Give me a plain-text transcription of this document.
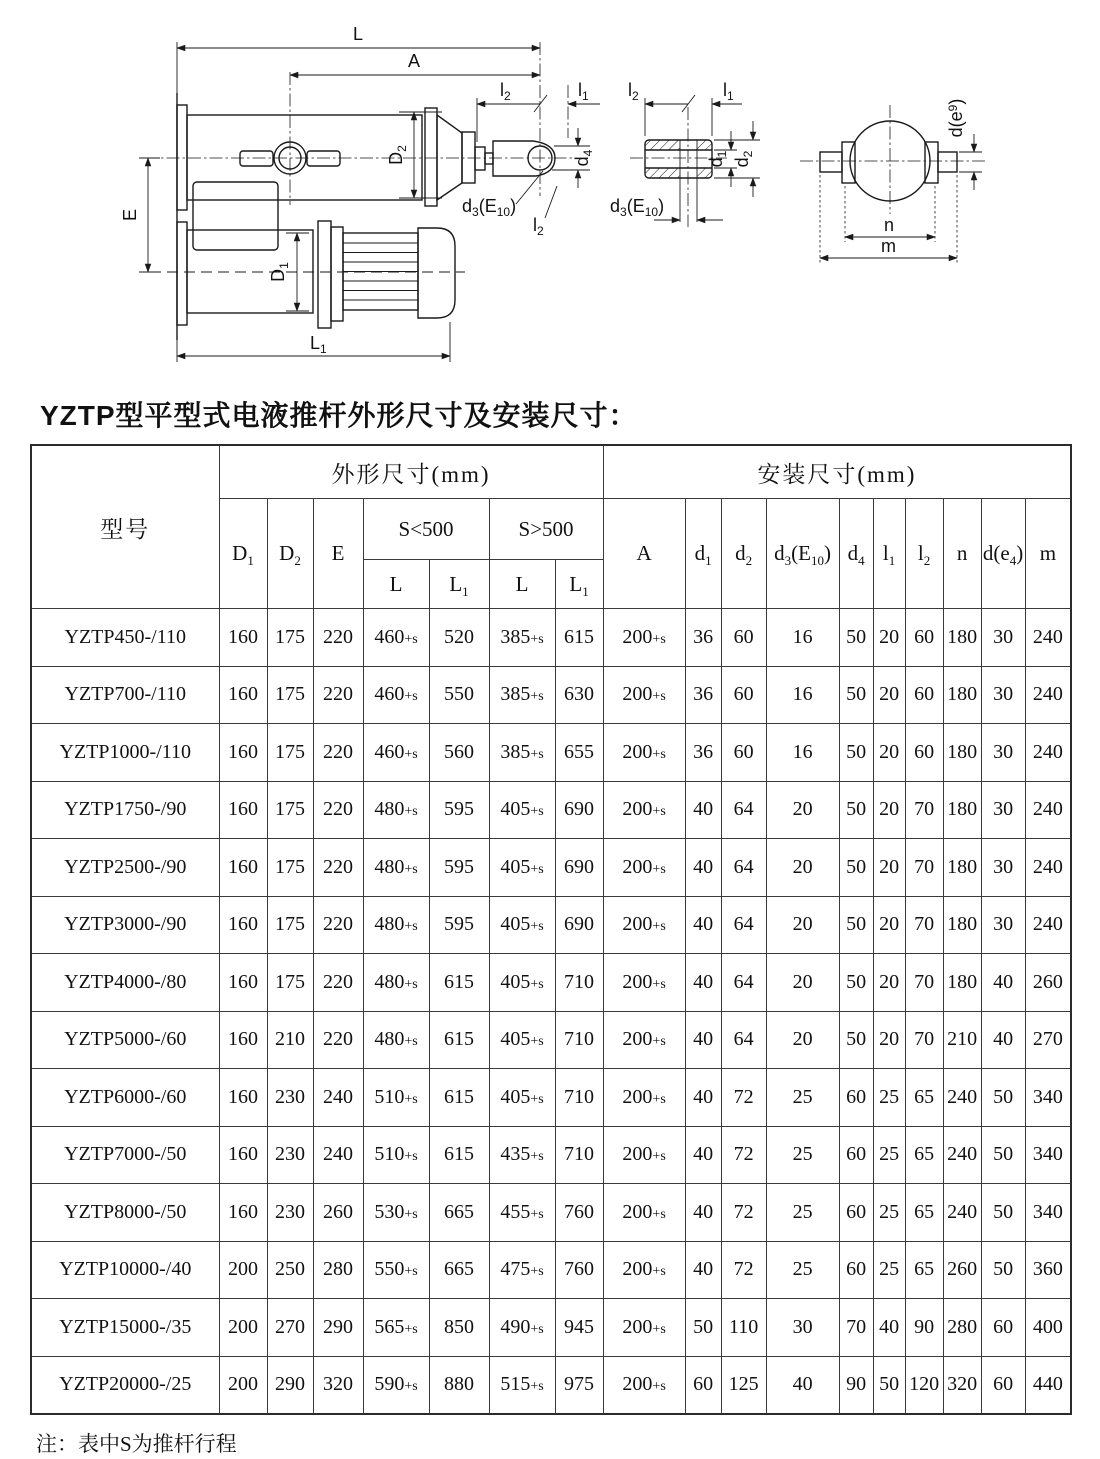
L
A
$l_2$	$l_1$
$d_4$
$d_3(E_{10})$
$l_2$
E
$D_2$
$D_1$
$L_1$
$l_2$	$l_1$
$d_1$
$d_2$
$d_3(E_{10})$
$d(e^9)$
n
m
YZTP型平型式电液推杆外形尺寸及安装尺寸：
型号	外形尺寸(mm)							安装尺寸(mm)									
	$D_1$	$D_2$	E	S<500		S>500		A	$d_1$	$d_2$	$d_3(E_{10})$	$d_4$	$l_1$	$l_2$	n	$d(e_4)$	m
				L	$L_1$	L	$L_1$
YZTP450-/110	160	175	220	460+s	520	385+s	615	200+s	36	60	16	50	20	60	180	30	240
YZTP700-/110	160	175	220	460+s	550	385+s	630	200+s	36	60	16	50	20	60	180	30	240
YZTP1000-/110	160	175	220	460+s	560	385+s	655	200+s	36	60	16	50	20	60	180	30	240
YZTP1750-/90	160	175	220	480+s	595	405+s	690	200+s	40	64	20	50	20	70	180	30	240
YZTP2500-/90	160	175	220	480+s	595	405+s	690	200+s	40	64	20	50	20	70	180	30	240
YZTP3000-/90	160	175	220	480+s	595	405+s	690	200+s	40	64	20	50	20	70	180	30	240
YZTP4000-/80	160	175	220	480+s	615	405+s	710	200+s	40	64	20	50	20	70	180	40	260
YZTP5000-/60	160	210	220	480+s	615	405+s	710	200+s	40	64	20	50	20	70	210	40	270
YZTP6000-/60	160	230	240	510+s	615	405+s	710	200+s	40	72	25	60	25	65	240	50	340
YZTP7000-/50	160	230	240	510+s	615	435+s	710	200+s	40	72	25	60	25	65	240	50	340
YZTP8000-/50	160	230	260	530+s	665	455+s	760	200+s	40	72	25	60	25	65	240	50	340
YZTP10000-/40	200	250	280	550+s	665	475+s	760	200+s	40	72	25	60	25	65	260	50	360
YZTP15000-/35	200	270	290	565+s	850	490+s	945	200+s	50	110	30	70	40	90	280	60	400
YZTP20000-/25	200	290	320	590+s	880	515+s	975	200+s	60	125	40	90	50	120	320	60	440
注：表中S为推杆行程
